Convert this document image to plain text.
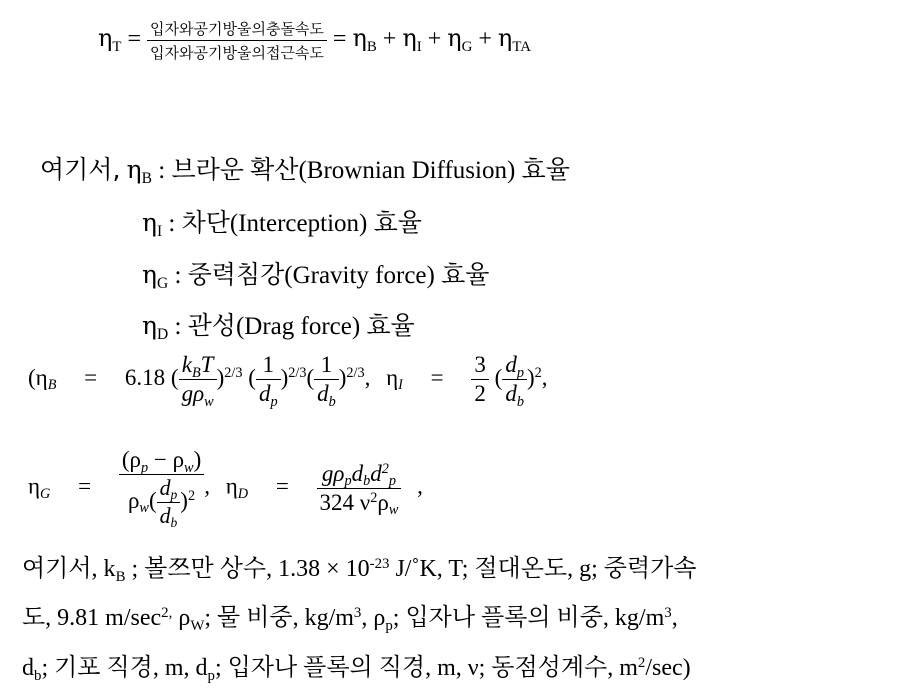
$\eta T = \frac{\text{입자와공기방울의충돌속도}}{\text{입자와공기방울의접근속도}} = \eta B + \eta I + \eta G + \eta TA$
여기서, ηB : 브라운 확산(Brownian Diffusion) 효율
ηI : 차단(Interception) 효율
ηG : 중력침강(Gravity force) 효율
ηD : 관성(Drag force) 효율
(ηB = 6.18 ( $\frac{\text{kBT}}{\text{gρw}} )^{2/3}$ ( $\frac{1}{dp} )^{2/3}( \frac{1}{db} )^{2/3}$, $\eta I = \frac{3}{2}$ ( $\frac{dp}{db} )^2$,
$\eta G = \frac{(\rho p - \rho w)}{\rho w( \frac{dp}{db} )^2}$ , $\eta D = \frac{g\rho pdbd^2p}{324 \nu^2\rho w}$ ,
여기서, kB ; 볼쯔만 상수, $1.38 \times 10^{-23}$ J/˚K, T; 절대온도, g; 중력가속
도, 9.81 $m/\sec^{2,}$ ρW; 물 비중, $kg/m^3$, ρp; 입자나 플록의 비중, $kg/m^3$,
db; 기포 직경, m, dp; 입자나 플록의 직경, m, ν; 동점성계수, $m^2/\sec$)
